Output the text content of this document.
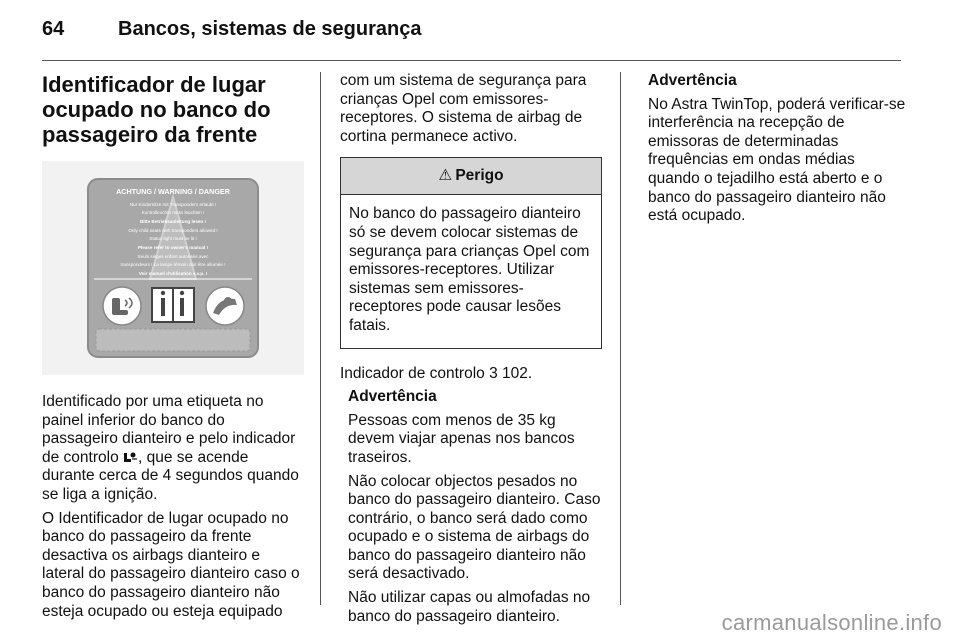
64	Bancos, sistemas de segurança
Identificador de lugar ocupado no banco do passageiro da frente
ACHTUNG / WARNING / DANGER
Nur Kindersitze mit Transpondern erlaubt !
Kontrolleuchte muss leuchten !
Bitte Betriebsanleitung lesen !
Only child seats with transponders allowed !
Status light must be lit !
Please refer to owner's manual !
Seuls sièges enfant autorisés avec
transpondeurs ! La lampe témoin doit être allumée !
Voir manuel d'utilisation s.v.p. !

Identificado por uma etiqueta no painel inferior do banco do passageiro dianteiro e pelo indicador de controlo , que se acende durante cerca de 4 segundos quando se liga a ignição.

O Identificador de lugar ocupado no banco do passageiro da frente desactiva os airbags dianteiro e lateral do passageiro dianteiro caso o banco do passageiro dianteiro não esteja ocupado ou esteja equipado

com um sistema de segurança para crianças Opel com emissores-receptores. O sistema de airbag de cortina permanece activo.

⚠ Perigo
No banco do passageiro dianteiro só se devem colocar sistemas de segurança para crianças Opel com emissores-receptores. Utilizar sistemas sem emissores-receptores pode causar lesões fatais.

Indicador de controlo 3 102.

Advertência

Pessoas com menos de 35 kg devem viajar apenas nos bancos traseiros.

Não colocar objectos pesados no banco do passageiro dianteiro. Caso contrário, o banco será dado como ocupado e o sistema de airbags do banco do passageiro dianteiro não será desactivado.

Não utilizar capas ou almofadas no banco do passageiro dianteiro.

Advertência

No Astra TwinTop, poderá verificar-se interferência na recepção de emissoras de determinadas frequências em ondas médias quando o tejadilho está aberto e o banco do passageiro dianteiro não está ocupado.

carmanualsonline.info
